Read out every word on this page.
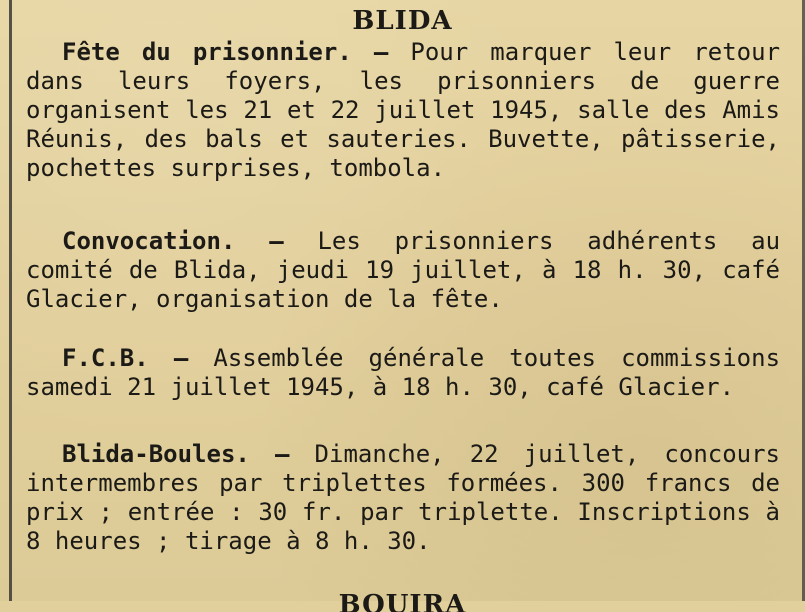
BLIDA

Fête du prisonnier. — Pour marquer leur retour dans leurs foyers, les prisonniers de guerre organisent les 21 et 22 juillet 1945, salle des Amis Réunis, des bals et sauteries. Buvette, pâtisserie, pochettes surprises, tombola.

Convocation. — Les prisonniers adhérents au comité de Blida, jeudi 19 juillet, à 18 h. 30, café Glacier, organisation de la fête.

F.C.B. — Assemblée générale toutes commissions samedi 21 juillet 1945, à 18 h. 30, café Glacier.

Blida-Boules. — Dimanche, 22 juillet, concours intermembres par triplettes formées. 300 francs de prix ; entrée : 30 fr. par triplette. Inscriptions à 8 heures ; tirage à 8 h. 30.

BOUIRA
